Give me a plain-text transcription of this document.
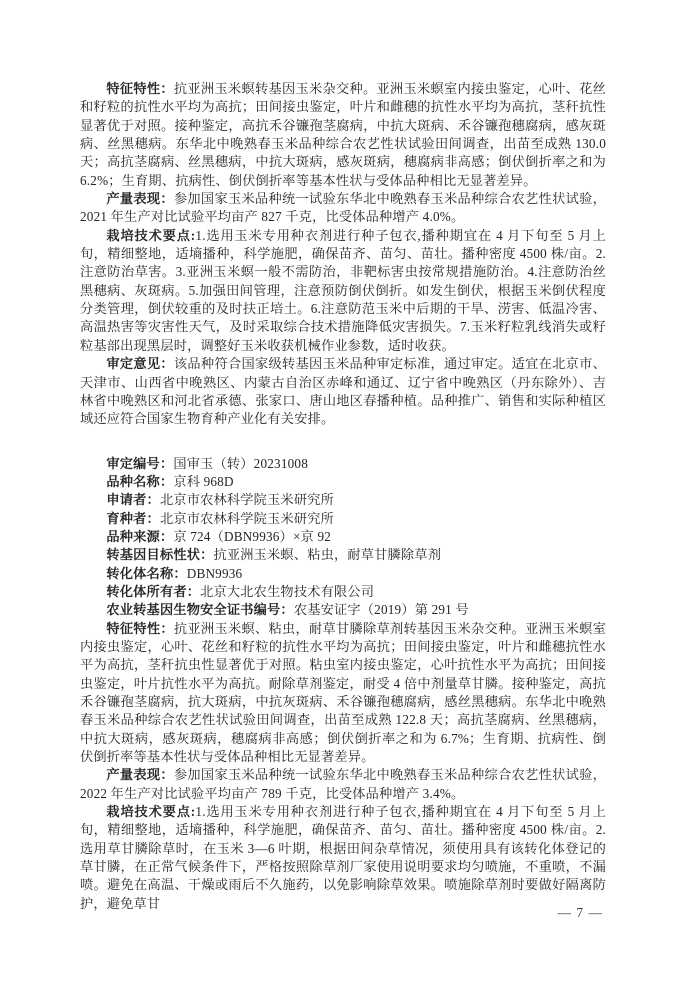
特征特性：抗亚洲玉米螟转基因玉米杂交种。亚洲玉米螟室内接虫鉴定，心叶、花丝和籽粒的抗性水平均为高抗；田间接虫鉴定，叶片和雌穗的抗性水平均为高抗，茎秆抗性显著优于对照。接种鉴定，高抗禾谷镰孢茎腐病，中抗大斑病、禾谷镰孢穗腐病，感灰斑病、丝黑穗病。东华北中晚熟春玉米品种综合农艺性状试验田间调查，出苗至成熟 130.0 天；高抗茎腐病、丝黑穗病，中抗大斑病，感灰斑病，穗腐病非高感；倒伏倒折率之和为 6.2%；生育期、抗病性、倒伏倒折率等基本性状与受体品种相比无显著差异。

产量表现：参加国家玉米品种统一试验东华北中晚熟春玉米品种综合农艺性状试验，2021 年生产对比试验平均亩产 827 千克，比受体品种增产 4.0%。

栽培技术要点:1.选用玉米专用种衣剂进行种子包衣,播种期宜在 4 月下旬至 5 月上旬，精细整地，适墒播种，科学施肥，确保苗齐、苗匀、苗壮。播种密度 4500 株/亩。2.注意防治草害。3.亚洲玉米螟一般不需防治，非靶标害虫按常规措施防治。4.注意防治丝黑穗病、灰斑病。5.加强田间管理，注意预防倒伏倒折。如发生倒伏，根据玉米倒伏程度分类管理，倒伏较重的及时扶正培土。6.注意防范玉米中后期的干旱、涝害、低温冷害、高温热害等灾害性天气，及时采取综合技术措施降低灾害损失。7.玉米籽粒乳线消失或籽粒基部出现黑层时，调整好玉米收获机械作业参数，适时收获。

审定意见：该品种符合国家级转基因玉米品种审定标准，通过审定。适宜在北京市、天津市、山西省中晚熟区、内蒙古自治区赤峰和通辽、辽宁省中晚熟区（丹东除外）、吉林省中晚熟区和河北省承德、张家口、唐山地区春播种植。品种推广、销售和实际种植区域还应符合国家生物育种产业化有关安排。

审定编号：国审玉（转）20231008

品种名称：京科 968D

申请者：北京市农林科学院玉米研究所

育种者：北京市农林科学院玉米研究所

品种来源：京 724（DBN9936）×京 92

转基因目标性状：抗亚洲玉米螟、粘虫，耐草甘膦除草剂

转化体名称：DBN9936

转化体所有者：北京大北农生物技术有限公司

农业转基因生物安全证书编号：农基安证字（2019）第 291 号

特征特性：抗亚洲玉米螟、粘虫，耐草甘膦除草剂转基因玉米杂交种。亚洲玉米螟室内接虫鉴定，心叶、花丝和籽粒的抗性水平均为高抗；田间接虫鉴定，叶片和雌穗抗性水平为高抗，茎秆抗虫性显著优于对照。粘虫室内接虫鉴定，心叶抗性水平为高抗；田间接虫鉴定，叶片抗性水平为高抗。耐除草剂鉴定，耐受 4 倍中剂量草甘膦。接种鉴定，高抗禾谷镰孢茎腐病，抗大斑病，中抗灰斑病、禾谷镰孢穗腐病，感丝黑穗病。东华北中晚熟春玉米品种综合农艺性状试验田间调查，出苗至成熟 122.8 天；高抗茎腐病、丝黑穗病，中抗大斑病，感灰斑病，穗腐病非高感；倒伏倒折率之和为 6.7%；生育期、抗病性、倒伏倒折率等基本性状与受体品种相比无显著差异。

产量表现：参加国家玉米品种统一试验东华北中晚熟春玉米品种综合农艺性状试验，2022 年生产对比试验平均亩产 789 千克，比受体品种增产 3.4%。

栽培技术要点:1.选用玉米专用种衣剂进行种子包衣,播种期宜在 4 月下旬至 5 月上旬，精细整地，适墒播种，科学施肥，确保苗齐、苗匀、苗壮。播种密度 4500 株/亩。2.选用草甘膦除草时，在玉米 3—6 叶期，根据田间杂草情况，须使用具有该转化体登记的草甘膦，在正常气候条件下，严格按照除草剂厂家使用说明要求均匀喷施，不重喷，不漏喷。避免在高温、干燥或雨后不久施药，以免影响除草效果。喷施除草剂时要做好隔离防护，避免草甘

— 7 —
